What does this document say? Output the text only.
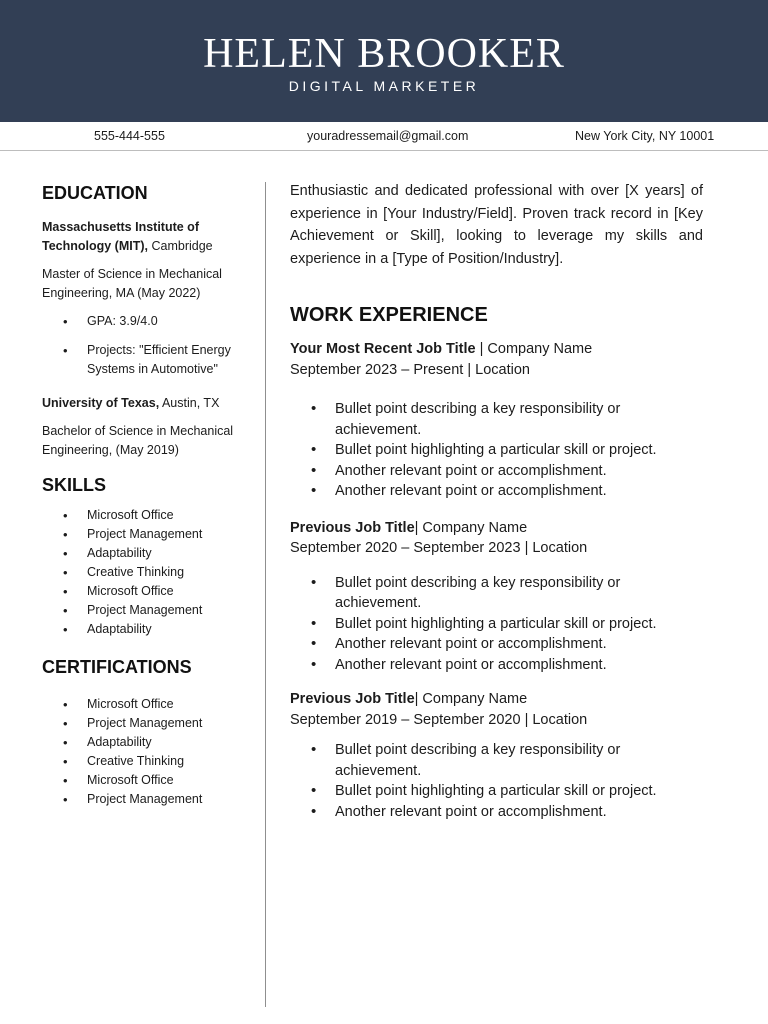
HELEN BROOKER
DIGITAL MARKETER
555-444-555	youradressemail@gmail.com	New York City, NY 10001
EDUCATION

Massachusetts Institute of Technology (MIT), Cambridge

Master of Science in Mechanical Engineering, MA (May 2022)

• GPA: 3.9/4.0
• Projects: "Efficient Energy Systems in Automotive"

University of Texas, Austin, TX

Bachelor of Science in Mechanical Engineering, (May 2019)

SKILLS
• Microsoft Office
• Project Management
• Adaptability
• Creative Thinking
• Microsoft Office
• Project Management
• Adaptability
CERTIFICATIONS
• Microsoft Office
• Project Management
• Adaptability
• Creative Thinking
• Microsoft Office
• Project Management

Enthusiastic and dedicated professional with over [X years] of experience in [Your Industry/Field]. Proven track record in [Key Achievement or Skill], looking to leverage my skills and experience in a [Type of Position/Industry].

WORK EXPERIENCE

Your Most Recent Job Title | Company Name

September 2023 – Present | Location

• Bullet point describing a key responsibility or achievement.
• Bullet point highlighting a particular skill or project.
• Another relevant point or accomplishment.
• Another relevant point or accomplishment.

Previous Job Title| Company Name

September 2020 – September 2023 | Location

• Bullet point describing a key responsibility or achievement.
• Bullet point highlighting a particular skill or project.
• Another relevant point or accomplishment.
• Another relevant point or accomplishment.

Previous Job Title| Company Name

September 2019 – September 2020 | Location

• Bullet point describing a key responsibility or achievement.
• Bullet point highlighting a particular skill or project.
• Another relevant point or accomplishment.
